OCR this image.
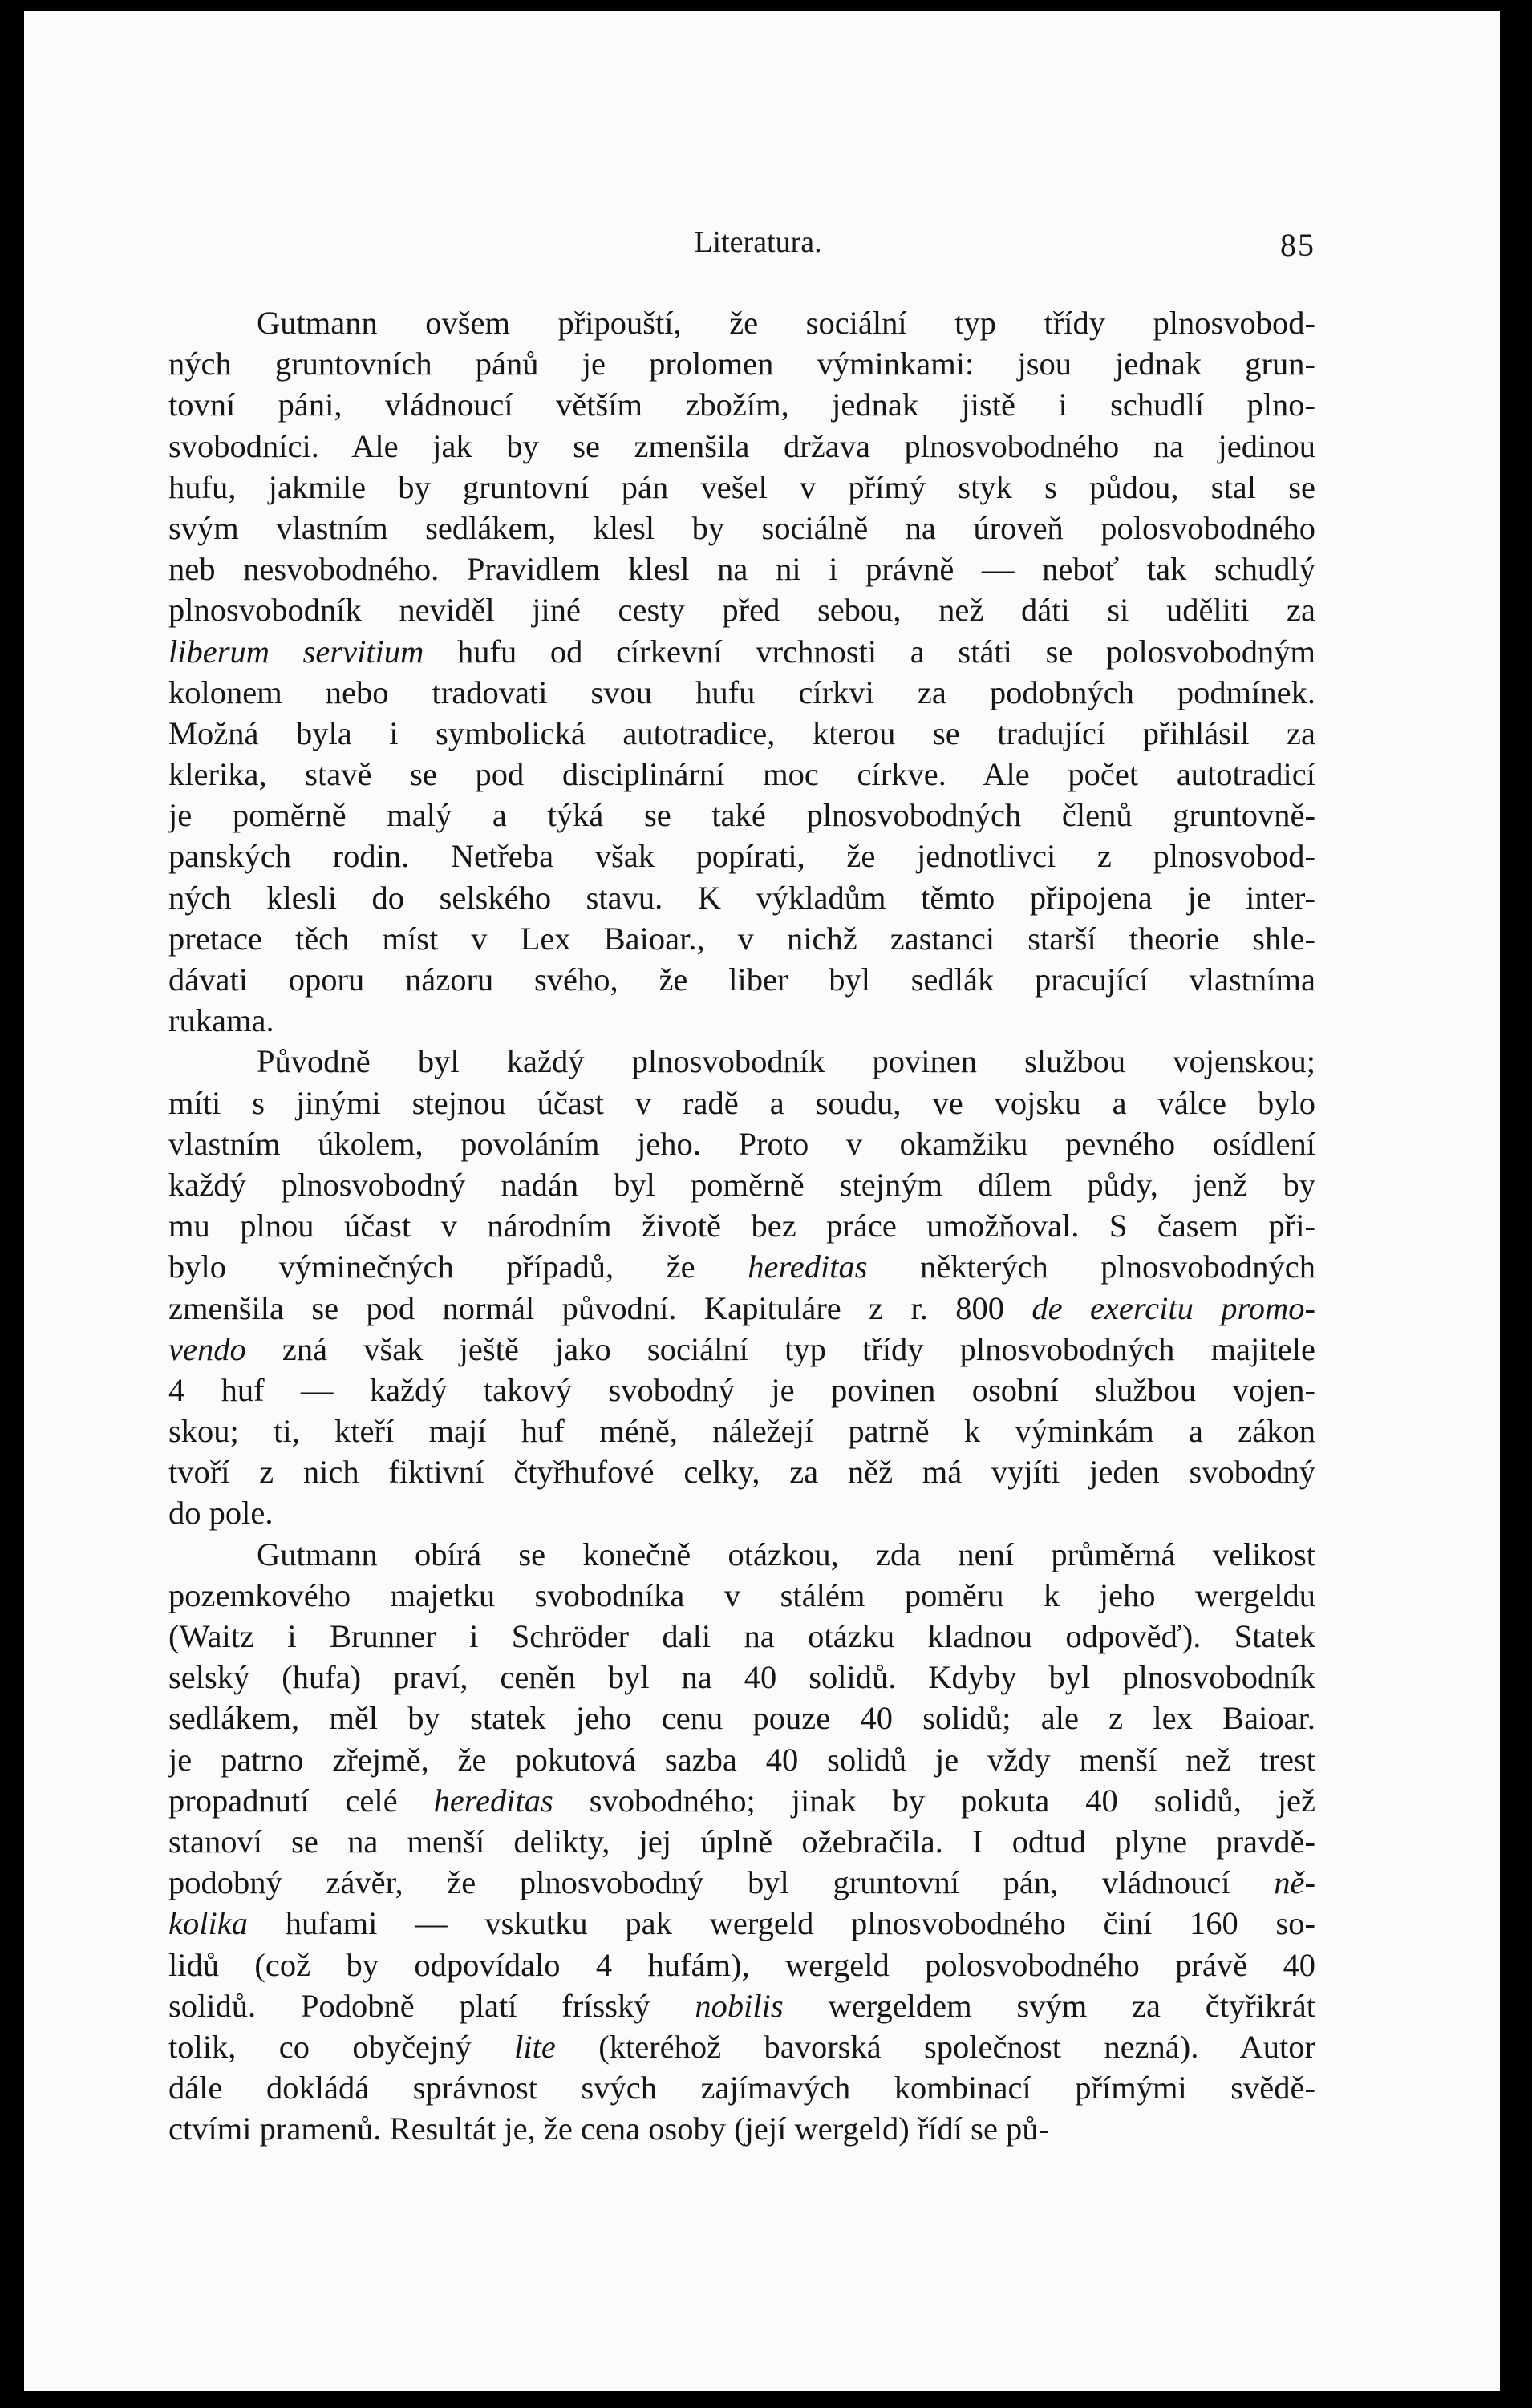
Literatura.	85
Gutmann ovšem připouští, že sociální typ třídy plnosvobod-
ných gruntovních pánů je prolomen výminkami: jsou jednak grun-
tovní páni, vládnoucí větším zbožím, jednak jistě i schudlí plno-
svobodníci. Ale jak by se zmenšila država plnosvobodného na jedinou
hufu, jakmile by gruntovní pán vešel v přímý styk s půdou, stal se
svým vlastním sedlákem, klesl by sociálně na úroveň polosvobodného
neb nesvobodného. Pravidlem klesl na ni i právně — neboť tak schudlý
plnosvobodník neviděl jiné cesty před sebou, než dáti si uděliti za
liberum servitium hufu od církevní vrchnosti a státi se polosvobodným
kolonem nebo tradovati svou hufu církvi za podobných podmínek.
Možná byla i symbolická autotradice, kterou se tradující přihlásil za
klerika, stavě se pod disciplinární moc církve. Ale počet autotradicí
je poměrně malý a týká se také plnosvobodných členů gruntovně-
panských rodin. Netřeba však popírati, že jednotlivci z plnosvobod-
ných klesli do selského stavu. K výkladům těmto připojena je inter-
pretace těch míst v Lex Baioar., v nichž zastanci starší theorie shle-
dávati oporu názoru svého, že liber byl sedlák pracující vlastníma
rukama.
Původně byl každý plnosvobodník povinen službou vojenskou;
míti s jinými stejnou účast v radě a soudu, ve vojsku a válce bylo
vlastním úkolem, povoláním jeho. Proto v okamžiku pevného osídlení
každý plnosvobodný nadán byl poměrně stejným dílem půdy, jenž by
mu plnou účast v národním životě bez práce umožňoval. S časem při-
bylo výminečných případů, že hereditas některých plnosvobodných
zmenšila se pod normál původní. Kapituláre z r. 800 de exercitu promo-
vendo zná však ještě jako sociální typ třídy plnosvobodných majitele
4 huf — každý takový svobodný je povinen osobní službou vojen-
skou; ti, kteří mají huf méně, náležejí patrně k výminkám a zákon
tvoří z nich fiktivní čtyřhufové celky, za něž má vyjíti jeden svobodný
do pole.
Gutmann obírá se konečně otázkou, zda není průměrná velikost
pozemkového majetku svobodníka v stálém poměru k jeho wergeldu
(Waitz i Brunner i Schröder dali na otázku kladnou odpověď). Statek
selský (hufa) praví, ceněn byl na 40 solidů. Kdyby byl plnosvobodník
sedlákem, měl by statek jeho cenu pouze 40 solidů; ale z lex Baioar.
je patrno zřejmě, že pokutová sazba 40 solidů je vždy menší než trest
propadnutí celé hereditas svobodného; jinak by pokuta 40 solidů, jež
stanoví se na menší delikty, jej úplně ožebračila. I odtud plyne pravdě-
podobný závěr, že plnosvobodný byl gruntovní pán, vládnoucí ně-
kolika hufami — vskutku pak wergeld plnosvobodného činí 160 so-
lidů (což by odpovídalo 4 hufám), wergeld polosvobodného právě 40
solidů. Podobně platí frísský nobilis wergeldem svým za čtyřikrát
tolik, co obyčejný lite (kteréhož bavorská společnost nezná). Autor
dále dokládá správnost svých zajímavých kombinací přímými svědě-
ctvími pramenů. Resultát je, že cena osoby (její wergeld) řídí se pů-
